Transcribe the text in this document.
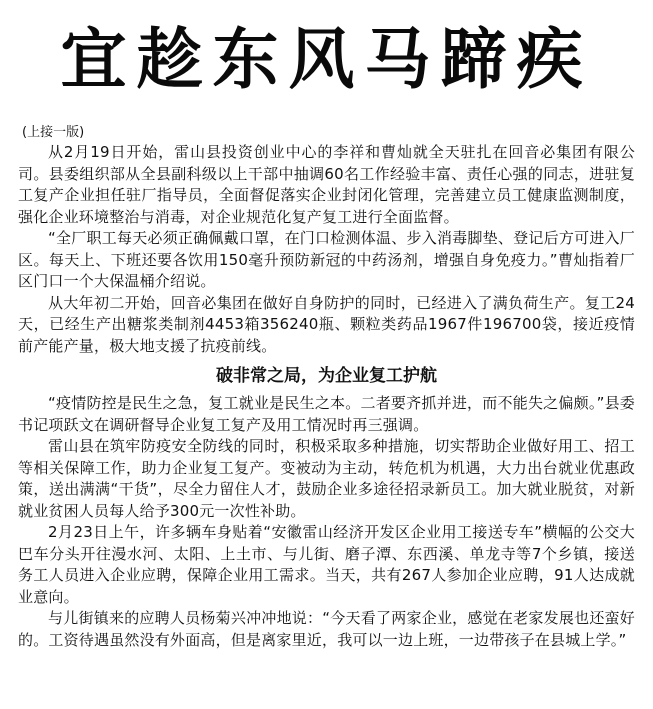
宜趁东风马蹄疾
(上接一版)

从2月19日开始，雷山县投资创业中心的李祥和曹灿就全天驻扎在回音必集团有限公司。县委组织部从全县副科级以上干部中抽调60名工作经验丰富、责任心强的同志，进驻复工复产企业担任驻厂指导员，全面督促落实企业封闭化管理，完善建立员工健康监测制度，强化企业环境整治与消毒，对企业规范化复产复工进行全面监督。

“全厂职工每天必须正确佩戴口罩，在门口检测体温、步入消毒脚垫、登记后方可进入厂区。每天上、下班还要各饮用150毫升预防新冠的中药汤剂，增强自身免疫力。”曹灿指着厂区门口一个大保温桶介绍说。

从大年初二开始，回音必集团在做好自身防护的同时，已经进入了满负荷生产。复工24天，已经生产出糖浆类制剂4453箱356240瓶、颗粒类药品1967件196700袋，接近疫情前产能产量，极大地支援了抗疫前线。

破非常之局，为企业复工护航

“疫情防控是民生之急，复工就业是民生之本。二者要齐抓并进，而不能失之偏颇。”县委书记项跃文在调研督导企业复工复产及用工情况时再三强调。

雷山县在筑牢防疫安全防线的同时，积极采取多种措施，切实帮助企业做好用工、招工等相关保障工作，助力企业复工复产。变被动为主动，转危机为机遇，大力出台就业优惠政策，送出满满“干货”，尽全力留住人才，鼓励企业多途径招录新员工。加大就业脱贫，对新就业贫困人员每人给予300元一次性补助。

2月23日上午，许多辆车身贴着“安徽雷山经济开发区企业用工接送专车”横幅的公交大巴车分头开往漫水河、太阳、上土市、与儿街、磨子潭、东西溪、单龙寺等7个乡镇，接送务工人员进入企业应聘，保障企业用工需求。当天，共有267人参加企业应聘，91人达成就业意向。

与儿街镇来的应聘人员杨菊兴冲冲地说：“今天看了两家企业，感觉在老家发展也还蛮好的。工资待遇虽然没有外面高，但是离家里近，我可以一边上班，一边带孩子在县城上学。”
